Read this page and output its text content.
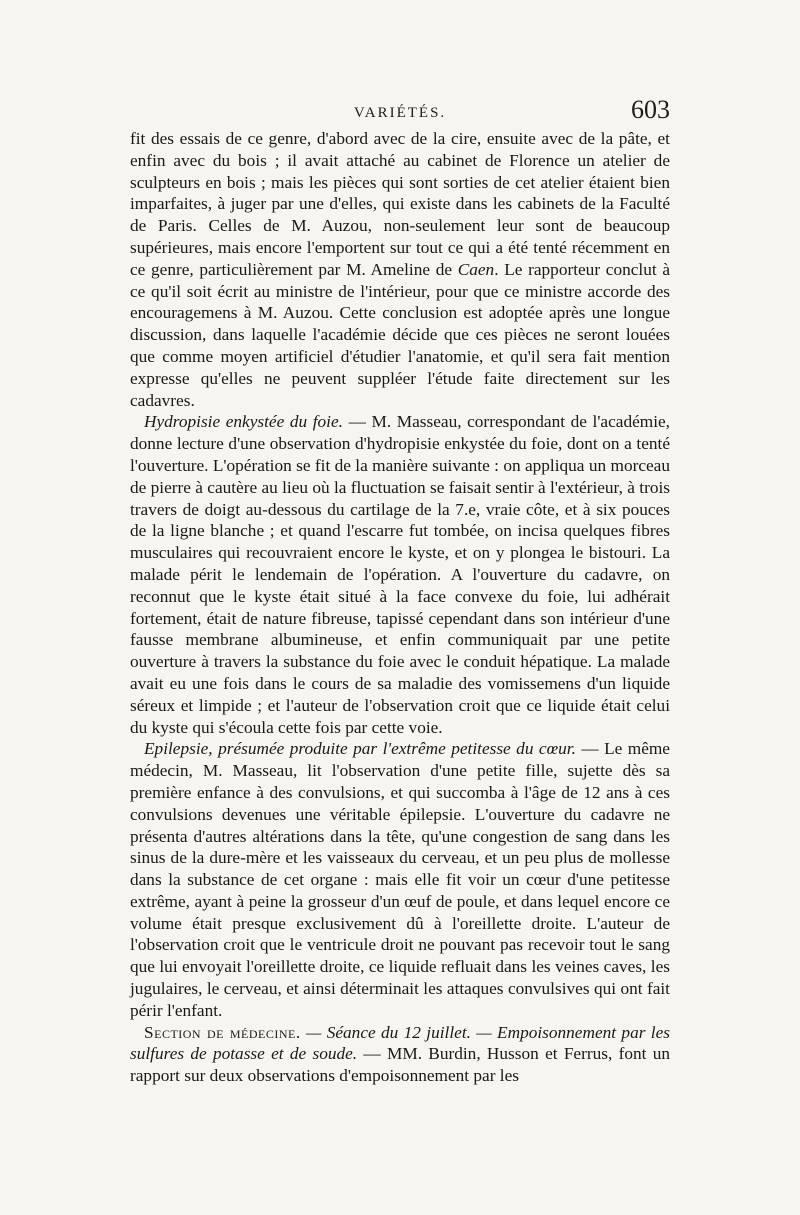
VARIÉTÉS.	603

fit des essais de ce genre, d'abord avec de la cire, ensuite avec de la pâte, et enfin avec du bois ; il avait attaché au cabinet de Florence un atelier de sculpteurs en bois ; mais les pièces qui sont sorties de cet atelier étaient bien imparfaites, à juger par une d'elles, qui existe dans les cabinets de la Faculté de Paris. Celles de M. Auzou, non-seulement leur sont de beaucoup supérieures, mais encore l'emportent sur tout ce qui a été tenté récemment en ce genre, particulièrement par M. Ameline de Caen. Le rapporteur conclut à ce qu'il soit écrit au ministre de l'intérieur, pour que ce ministre accorde des encouragemens à M. Auzou. Cette conclusion est adoptée après une longue discussion, dans laquelle l'académie décide que ces pièces ne seront louées que comme moyen artificiel d'étudier l'anatomie, et qu'il sera fait mention expresse qu'elles ne peuvent suppléer l'étude faite directement sur les cadavres.

Hydropisie enkystée du foie. — M. Masseau, correspondant de l'académie, donne lecture d'une observation d'hydropisie enkystée du foie, dont on a tenté l'ouverture. L'opération se fit de la manière suivante : on appliqua un morceau de pierre à cautère au lieu où la fluctuation se faisait sentir à l'extérieur, à trois travers de doigt au-dessous du cartilage de la 7.e, vraie côte, et à six pouces de la ligne blanche ; et quand l'escarre fut tombée, on incisa quelques fibres musculaires qui recouvraient encore le kyste, et on y plongea le bistouri. La malade périt le lendemain de l'opération. A l'ouverture du cadavre, on reconnut que le kyste était situé à la face convexe du foie, lui adhérait fortement, était de nature fibreuse, tapissé cependant dans son intérieur d'une fausse membrane albumineuse, et enfin communiquait par une petite ouverture à travers la substance du foie avec le conduit hépatique. La malade avait eu une fois dans le cours de sa maladie des vomissemens d'un liquide séreux et limpide ; et l'auteur de l'observation croit que ce liquide était celui du kyste qui s'écoula cette fois par cette voie.

Epilepsie, présumée produite par l'extrême petitesse du cœur. — Le même médecin, M. Masseau, lit l'observation d'une petite fille, sujette dès sa première enfance à des convulsions, et qui succomba à l'âge de 12 ans à ces convulsions devenues une véritable épilepsie. L'ouverture du cadavre ne présenta d'autres altérations dans la tête, qu'une congestion de sang dans les sinus de la dure-mère et les vaisseaux du cerveau, et un peu plus de mollesse dans la substance de cet organe : mais elle fit voir un cœur d'une petitesse extrême, ayant à peine la grosseur d'un œuf de poule, et dans lequel encore ce volume était presque exclusivement dû à l'oreillette droite. L'auteur de l'observation croit que le ventricule droit ne pouvant pas recevoir tout le sang que lui envoyait l'oreillette droite, ce liquide refluait dans les veines caves, les jugulaires, le cerveau, et ainsi déterminait les attaques convulsives qui ont fait périr l'enfant.

Section de médecine. — Séance du 12 juillet. — Empoisonnement par les sulfures de potasse et de soude. — MM. Burdin, Husson et Ferrus, font un rapport sur deux observations d'empoisonnement par les
